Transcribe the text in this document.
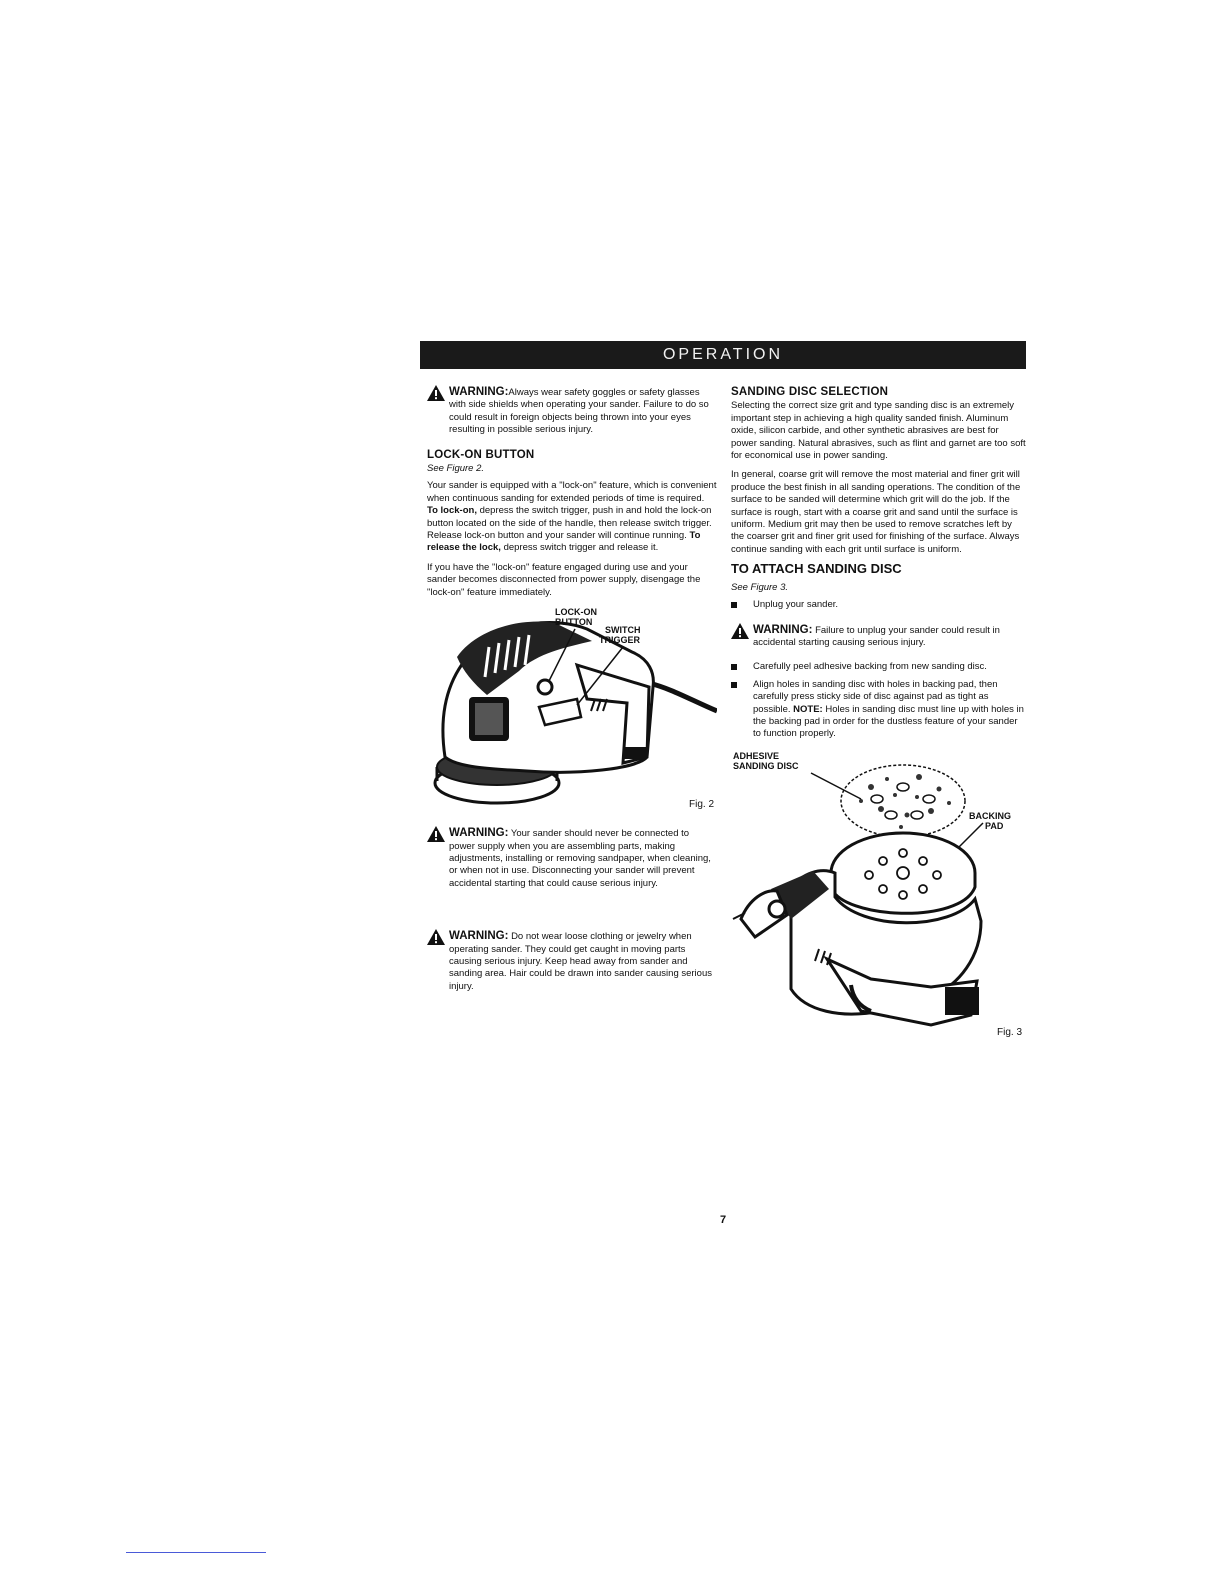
OPERATION
WARNING:Always wear safety goggles or safety glasses with side shields when operating your sander. Failure to do so could result in foreign objects being thrown into your eyes resulting in possible serious injury.
LOCK-ON BUTTON
See Figure 2.

Your sander is equipped with a "lock-on" feature, which is convenient when continuous sanding for extended periods of time is required. To lock-on, depress the switch trigger, push in and hold the lock-on button located on the side of the handle, then release switch trigger. Release lock-on button and your sander will continue running. To release the lock, depress switch trigger and release it.

If you have the "lock-on" feature engaged during use and your sander becomes disconnected from power supply, disengage the "lock-on" feature immediately.

LOCK-ON
BUTTON
SWITCH
TRIGGER
Fig. 2
WARNING: Your sander should never be connected to power supply when you are assembling parts, making adjustments, installing or removing sandpaper, when cleaning, or when not in use. Disconnecting your sander will prevent accidental starting that could cause serious injury.
WARNING: Do not wear loose clothing or jewelry when operating sander. They could get caught in moving parts causing serious injury. Keep head away from sander and sanding area. Hair could be drawn into sander causing serious injury.
SANDING DISC SELECTION

Selecting the correct size grit and type sanding disc is an extremely important step in achieving a high quality sanded finish. Aluminum oxide, silicon carbide, and other synthetic abrasives are best for power sanding. Natural abrasives, such as flint and garnet are too soft for economical use in power sanding.

In general, coarse grit will remove the most material and finer grit will produce the best finish in all sanding operations. The condition of the surface to be sanded will determine which grit will do the job. If the surface is rough, start with a coarse grit and sand until the surface is uniform. Medium grit may then be used to remove scratches left by the coarser grit and finer grit used for finishing of the surface. Always continue sanding with each grit until surface is uniform.

TO ATTACH SANDING DISC
See Figure 3.
Unplug your sander.
WARNING: Failure to unplug your sander could result in accidental starting causing serious injury.
Carefully peel adhesive backing from new sanding disc.
Align holes in sanding disc with holes in backing pad, then carefully press sticky side of disc against pad as tight as possible. NOTE: Holes in sanding disc must line up with holes in the backing pad in order for the dustless feature of your sander to function properly.
ADHESIVE
SANDING DISC
BACKING
PAD
Fig. 3
7
